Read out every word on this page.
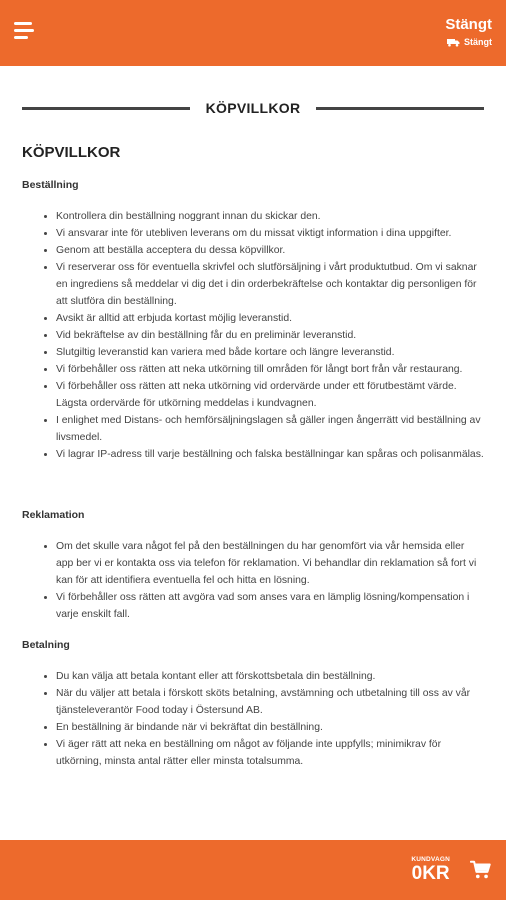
Stängt
Stängt
KÖPVILLKOR
KÖPVILLKOR
Beställning
• Kontrollera din beställning noggrant innan du skickar den.
• Vi ansvarar inte för utebliven leverans om du missat viktigt information i dina uppgifter.
• Genom att beställa acceptera du dessa köpvillkor.
• Vi reserverar oss för eventuella skrivfel och slutförsäljning i vårt produktutbud. Om vi saknar en ingrediens så meddelar vi dig det i din orderbekräftelse och kontaktar dig personligen för att slutföra din beställning.
• Avsikt är alltid att erbjuda kortast möjlig leveranstid.
• Vid bekräftelse av din beställning får du en preliminär leveranstid.
• Slutgiltig leveranstid kan variera med både kortare och längre leveranstid.
• Vi förbehåller oss rätten att neka utkörning till områden för långt bort från vår restaurang.
• Vi förbehåller oss rätten att neka utkörning vid ordervärde under ett förutbestämt värde. Lägsta ordervärde för utkörning meddelas i kundvagnen.
• I enlighet med Distans- och hemförsäljningslagen så gäller ingen ångerrätt vid beställning av livsmedel.
• Vi lagrar IP-adress till varje beställning och falska beställningar kan spåras och polisanmälas.
Reklamation
• Om det skulle vara något fel på den beställningen du har genomfört via vår hemsida eller app ber vi er kontakta oss via telefon för reklamation. Vi behandlar din reklamation så fort vi kan för att identifiera eventuella fel och hitta en lösning.
• Vi förbehåller oss rätten att avgöra vad som anses vara en lämplig lösning/kompensation i varje enskilt fall.
Betalning
• Du kan välja att betala kontant eller att förskottsbetala din beställning.
• När du väljer att betala i förskott sköts betalning, avstämning och utbetalning till oss av vår tjänsteleverantör Food today i Östersund AB.
• En beställning är bindande när vi bekräftat din beställning.
• Vi äger rätt att neka en beställning om något av följande inte uppfylls; minimikrav för utkörning, minsta antal rätter eller minsta totalsumma.
KUNDVAGN
0KR
